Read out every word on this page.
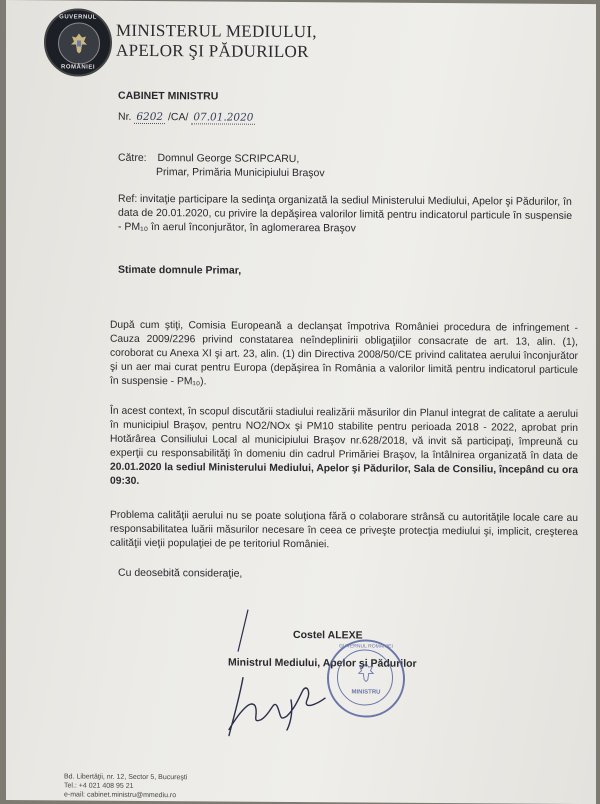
GUVERNUL
ROMÂNIEI
MINISTERUL MEDIULUI,
APELOR ŞI PĂDURILOR
CABINET MINISTRU
Nr. 6202 /CA/ 07.01.2020
Către: Domnul George SCRIPCARU,
Primar, Primăria Municipiului Braşov
Ref: invitaţie participare la sedinţa organizată la sediul Ministerului Mediului, Apelor şi Pădurilor, în data de 20.01.2020, cu privire la depăşirea valorilor limită pentru indicatorul particule în suspensie - PM₁₀ în aerul înconjurător, în aglomerarea Braşov
Stimate domnule Primar,
După cum ştiţi, Comisia Europeană a declanşat împotriva României procedura de infringement - Cauza 2009/2296 privind constatarea neîndeplinirii obligaţiilor consacrate de art. 13, alin. (1), coroborat cu Anexa XI şi art. 23, alin. (1) din Directiva 2008/50/CE privind calitatea aerului înconjurător şi un aer mai curat pentru Europa (depăşirea în România a valorilor limită pentru indicatorul particule în suspensie - PM₁₀).
În acest context, în scopul discutării stadiului realizării măsurilor din Planul integrat de calitate a aerului în municipiul Braşov, pentru NO2/NOx şi PM10 stabilite pentru perioada 2018 - 2022, aprobat prin Hotărârea Consiliului Local al municipiului Braşov nr.628/2018, vă invit să participaţi, împreună cu experţii cu responsabilităţi în domeniu din cadrul Primăriei Braşov, la întâlnirea organizată în data de 20.01.2020 la sediul Ministerului Mediului, Apelor şi Pădurilor, Sala de Consiliu, începând cu ora 09:30.
Problema calităţii aerului nu se poate soluţiona fără o colaborare strânsă cu autorităţile locale care au responsabilitatea luării măsurilor necesare în ceea ce priveşte protecţia mediului şi, implicit, creşterea calităţii vieţii populaţiei de pe teritoriul României.
Cu deosebită consideraţie,
Costel ALEXE
Ministrul Mediului, Apelor şi Pădurilor
GUVERNUL ROMÂNIEI
MINISTRU
Bd. Libertăţii, nr. 12, Sector 5, Bucureşti
Tel.: +4 021 408 95 21
e-mail: cabinet.ministru@mmediu.ro
